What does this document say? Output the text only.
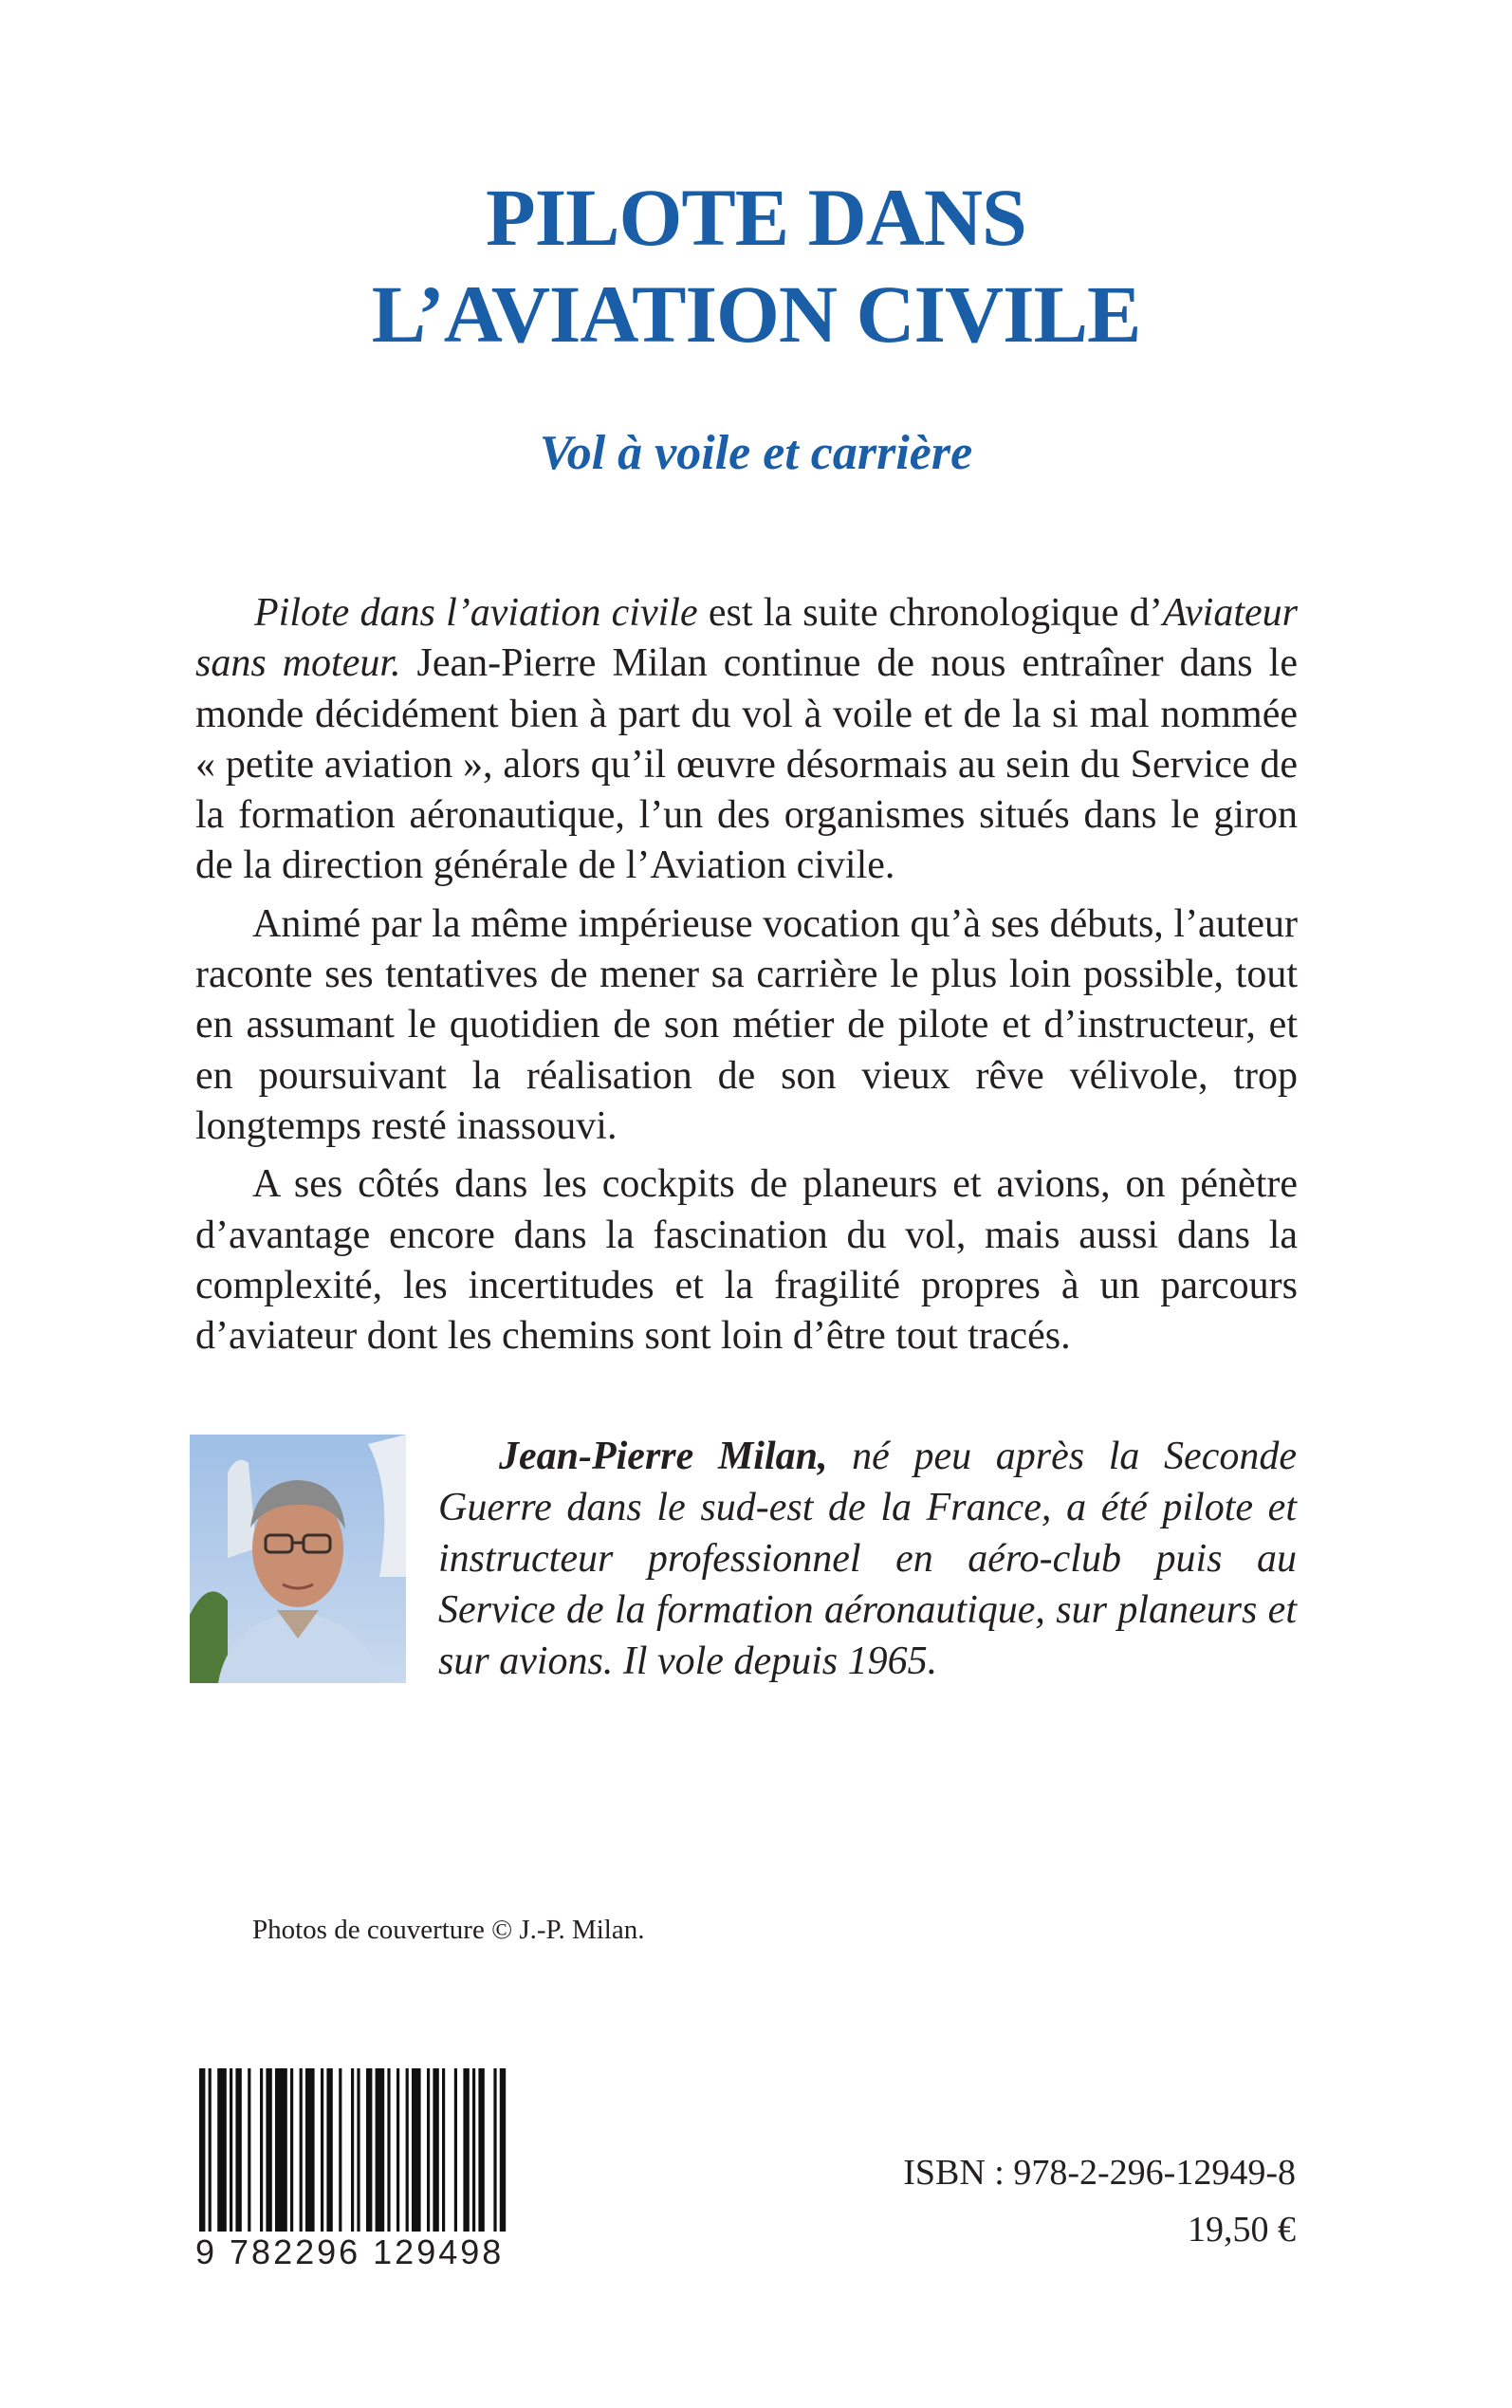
PILOTE DANS
L’AVIATION CIVILE
Vol à voile et carrière

Pilote dans l’aviation civile est la suite chronologique d’Aviateur sans moteur. Jean-Pierre Milan continue de nous entraîner dans le monde décidément bien à part du vol à voile et de la si mal nommée « petite aviation », alors qu’il œuvre désormais au sein du Service de la formation aéronautique, l’un des organismes situés dans le giron de la direction générale de l’Aviation civile.

Animé par la même impérieuse vocation qu’à ses débuts, l’auteur raconte ses tentatives de mener sa carrière le plus loin possible, tout en assumant le quotidien de son métier de pilote et d’instructeur, et en poursuivant la réalisation de son vieux rêve vélivole, trop longtemps resté inassouvi.

A ses côtés dans les cockpits de planeurs et avions, on pénètre d’avantage encore dans la fascination du vol, mais aussi dans la complexité, les incertitudes et la fragilité propres à un parcours d’aviateur dont les chemins sont loin d’être tout tracés.

Jean-Pierre Milan, né peu après la Seconde Guerre dans le sud-est de la France, a été pilote et instructeur professionnel en aéro-club puis au Service de la formation aéronautique, sur planeurs et sur avions. Il vole depuis 1965.

Photos de couverture © J.-P. Milan.

9 782296 129498

ISBN : 978-2-296-12949-8

19,50 €
